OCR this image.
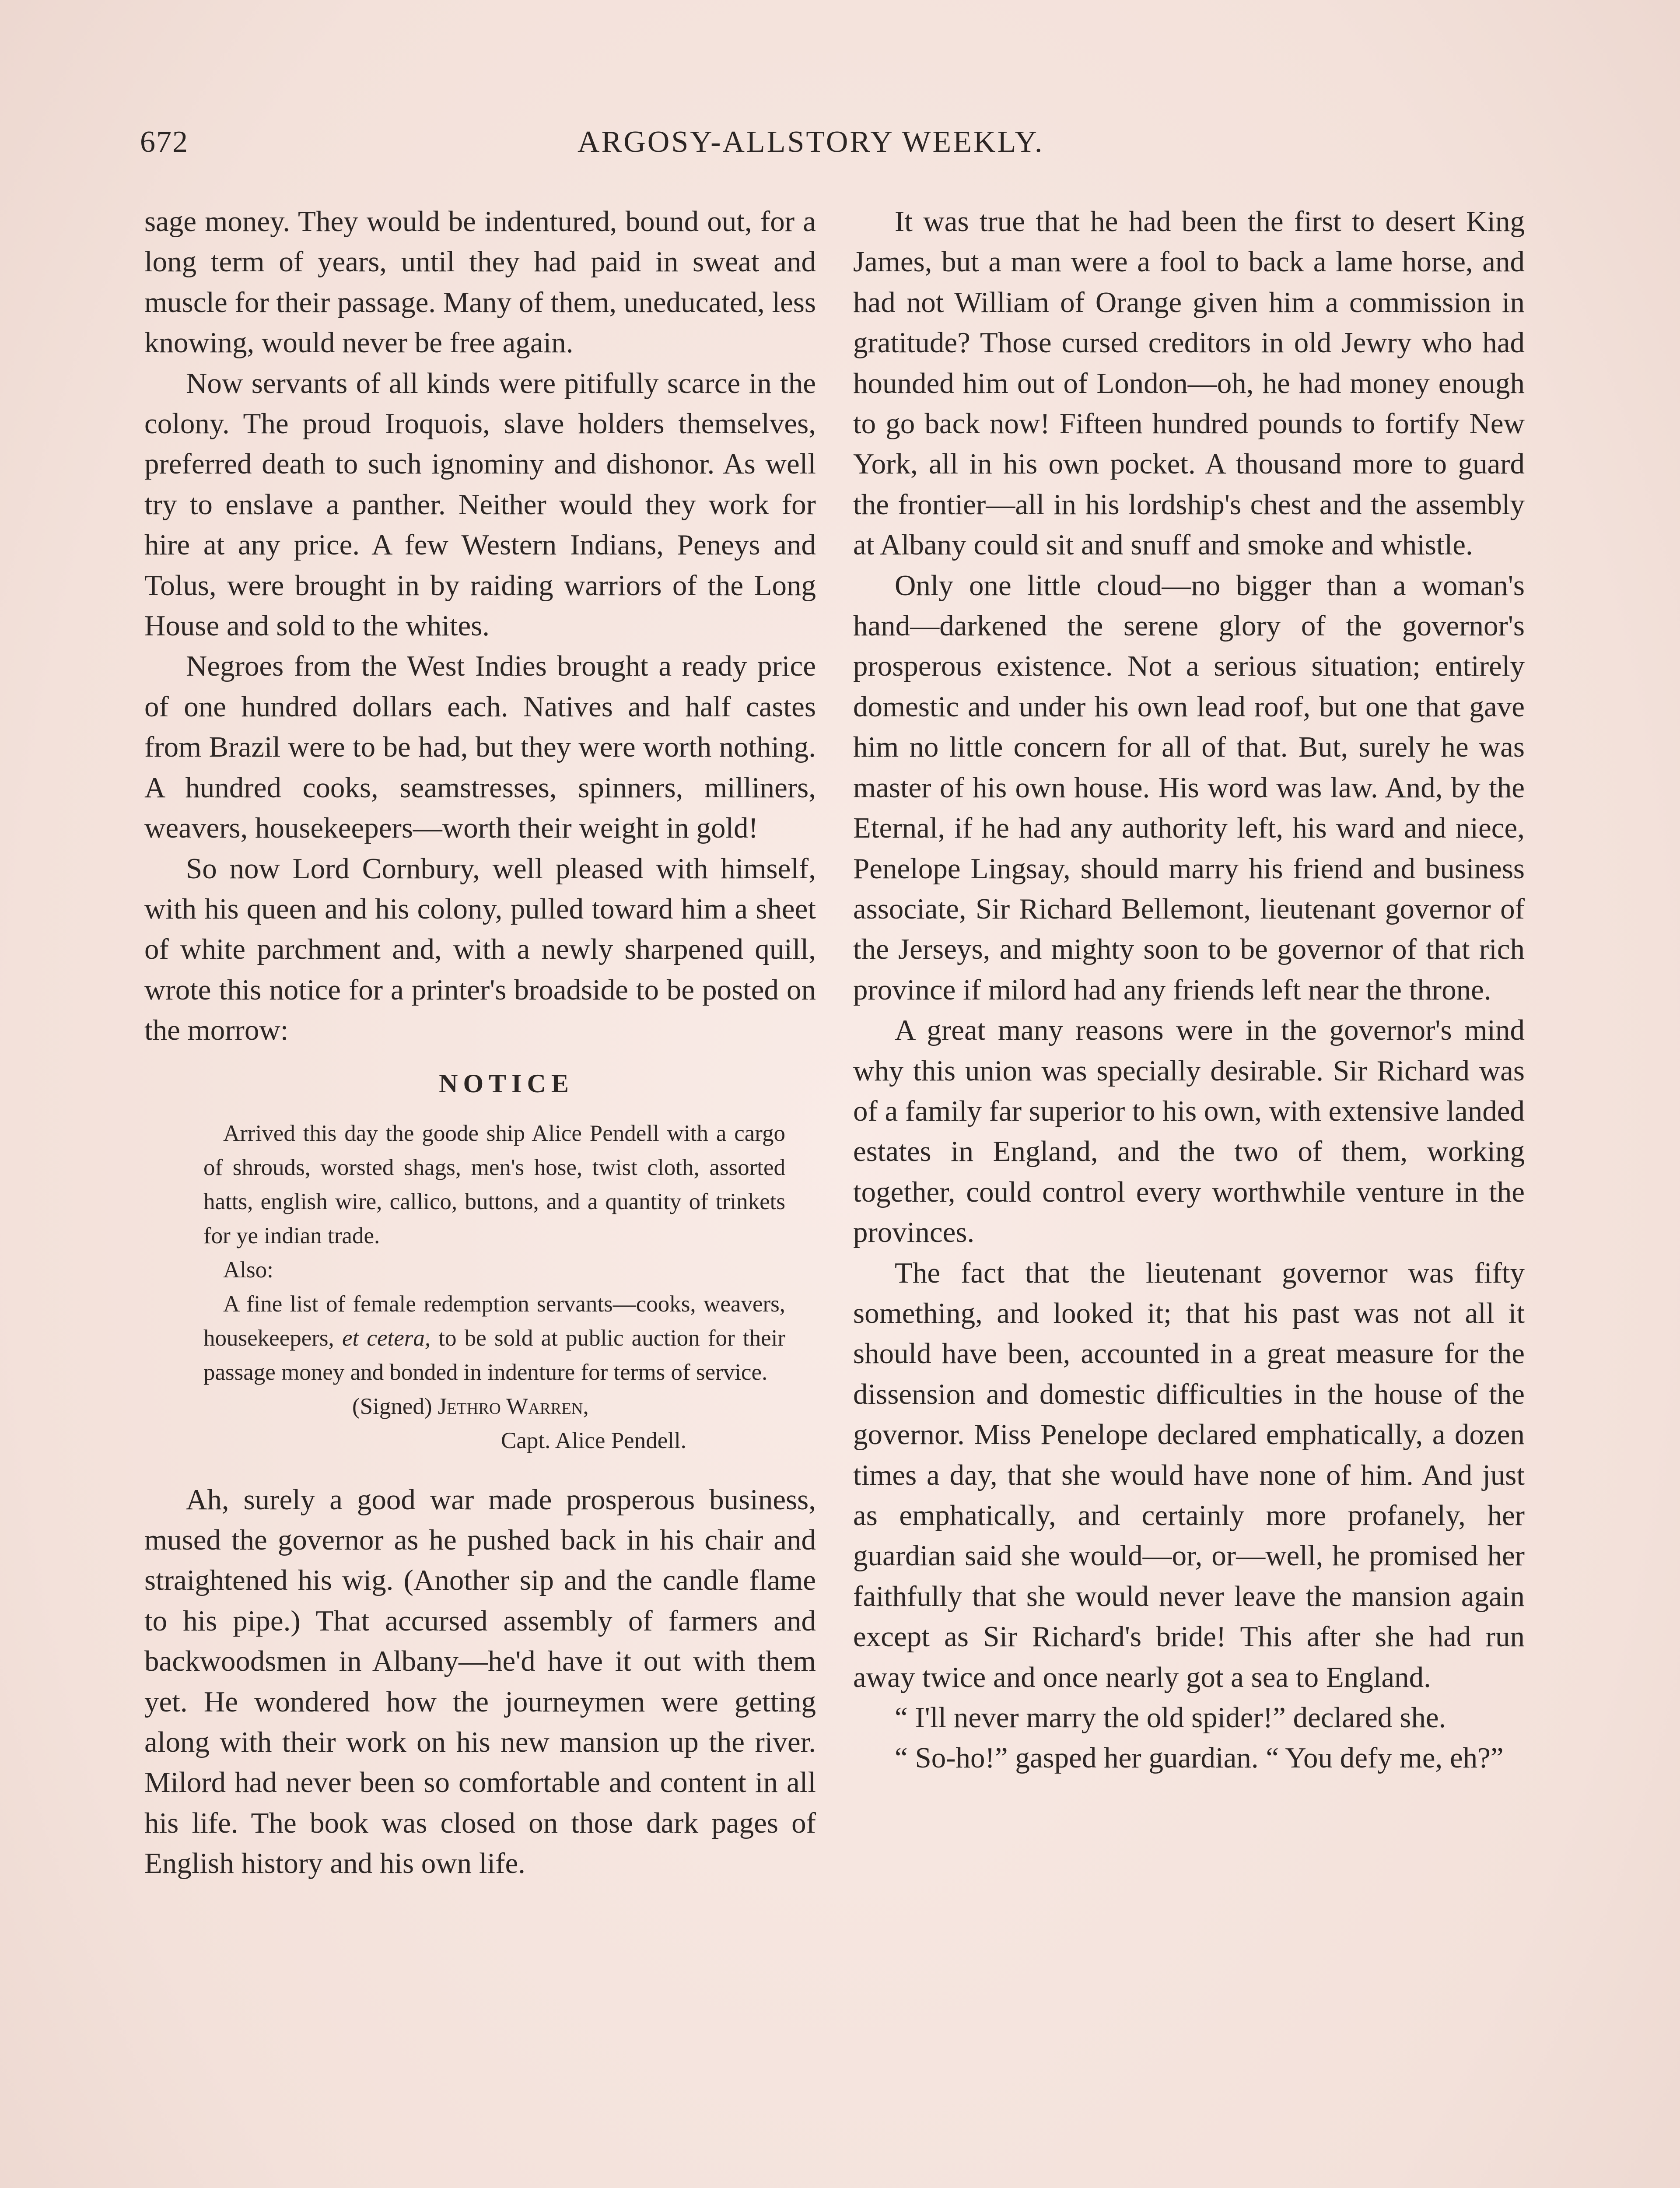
672	ARGOSY-ALLSTORY WEEKLY.

sage money. They would be indentured, bound out, for a long term of years, until they had paid in sweat and muscle for their passage. Many of them, uneducated, less knowing, would never be free again.

Now servants of all kinds were pitifully scarce in the colony. The proud Iroquois, slave holders themselves, preferred death to such ignominy and dishonor. As well try to enslave a panther. Neither would they work for hire at any price. A few Western Indians, Peneys and Tolus, were brought in by raiding warriors of the Long House and sold to the whites.

Negroes from the West Indies brought a ready price of one hundred dollars each. Natives and half castes from Brazil were to be had, but they were worth nothing. A hundred cooks, seamstresses, spinners, milliners, weavers, housekeepers—worth their weight in gold!

So now Lord Cornbury, well pleased with himself, with his queen and his colony, pulled toward him a sheet of white parchment and, with a newly sharpened quill, wrote this notice for a printer's broadside to be posted on the morrow:

NOTICE

Arrived this day the goode ship Alice Pendell with a cargo of shrouds, worsted shags, men's hose, twist cloth, assorted hatts, english wire, callico, buttons, and a quantity of trinkets for ye indian trade.

Also:

A fine list of female redemption servants—cooks, weavers, housekeepers, et cetera, to be sold at public auction for their passage money and bonded in indenture for terms of service.

(Signed) Jethro Warren,

Capt. Alice Pendell.

Ah, surely a good war made prosperous business, mused the governor as he pushed back in his chair and straightened his wig. (Another sip and the candle flame to his pipe.) That accursed assembly of farmers and backwoodsmen in Albany—he'd have it out with them yet. He wondered how the journeymen were getting along with their work on his new mansion up the river. Milord had never been so comfortable and content in all his life. The book was closed on those dark pages of English history and his own life.

It was true that he had been the first to desert King James, but a man were a fool to back a lame horse, and had not William of Orange given him a commission in gratitude? Those cursed creditors in old Jewry who had hounded him out of London—oh, he had money enough to go back now! Fifteen hundred pounds to fortify New York, all in his own pocket. A thousand more to guard the frontier—all in his lordship's chest and the assembly at Albany could sit and snuff and smoke and whistle.

Only one little cloud—no bigger than a woman's hand—darkened the serene glory of the governor's prosperous existence. Not a serious situation; entirely domestic and under his own lead roof, but one that gave him no little concern for all of that. But, surely he was master of his own house. His word was law. And, by the Eternal, if he had any authority left, his ward and niece, Penelope Lingsay, should marry his friend and business associate, Sir Richard Bellemont, lieutenant governor of the Jerseys, and mighty soon to be governor of that rich province if milord had any friends left near the throne.

A great many reasons were in the governor's mind why this union was specially desirable. Sir Richard was of a family far superior to his own, with extensive landed estates in England, and the two of them, working together, could control every worthwhile venture in the provinces.

The fact that the lieutenant governor was fifty something, and looked it; that his past was not all it should have been, accounted in a great measure for the dissension and domestic difficulties in the house of the governor. Miss Penelope declared emphatically, a dozen times a day, that she would have none of him. And just as emphatically, and certainly more profanely, her guardian said she would—or, or—well, he promised her faithfully that she would never leave the mansion again except as Sir Richard's bride! This after she had run away twice and once nearly got a sea to England.

“ I'll never marry the old spider!” declared she.

“ So-ho!” gasped her guardian. “ You defy me, eh?”
